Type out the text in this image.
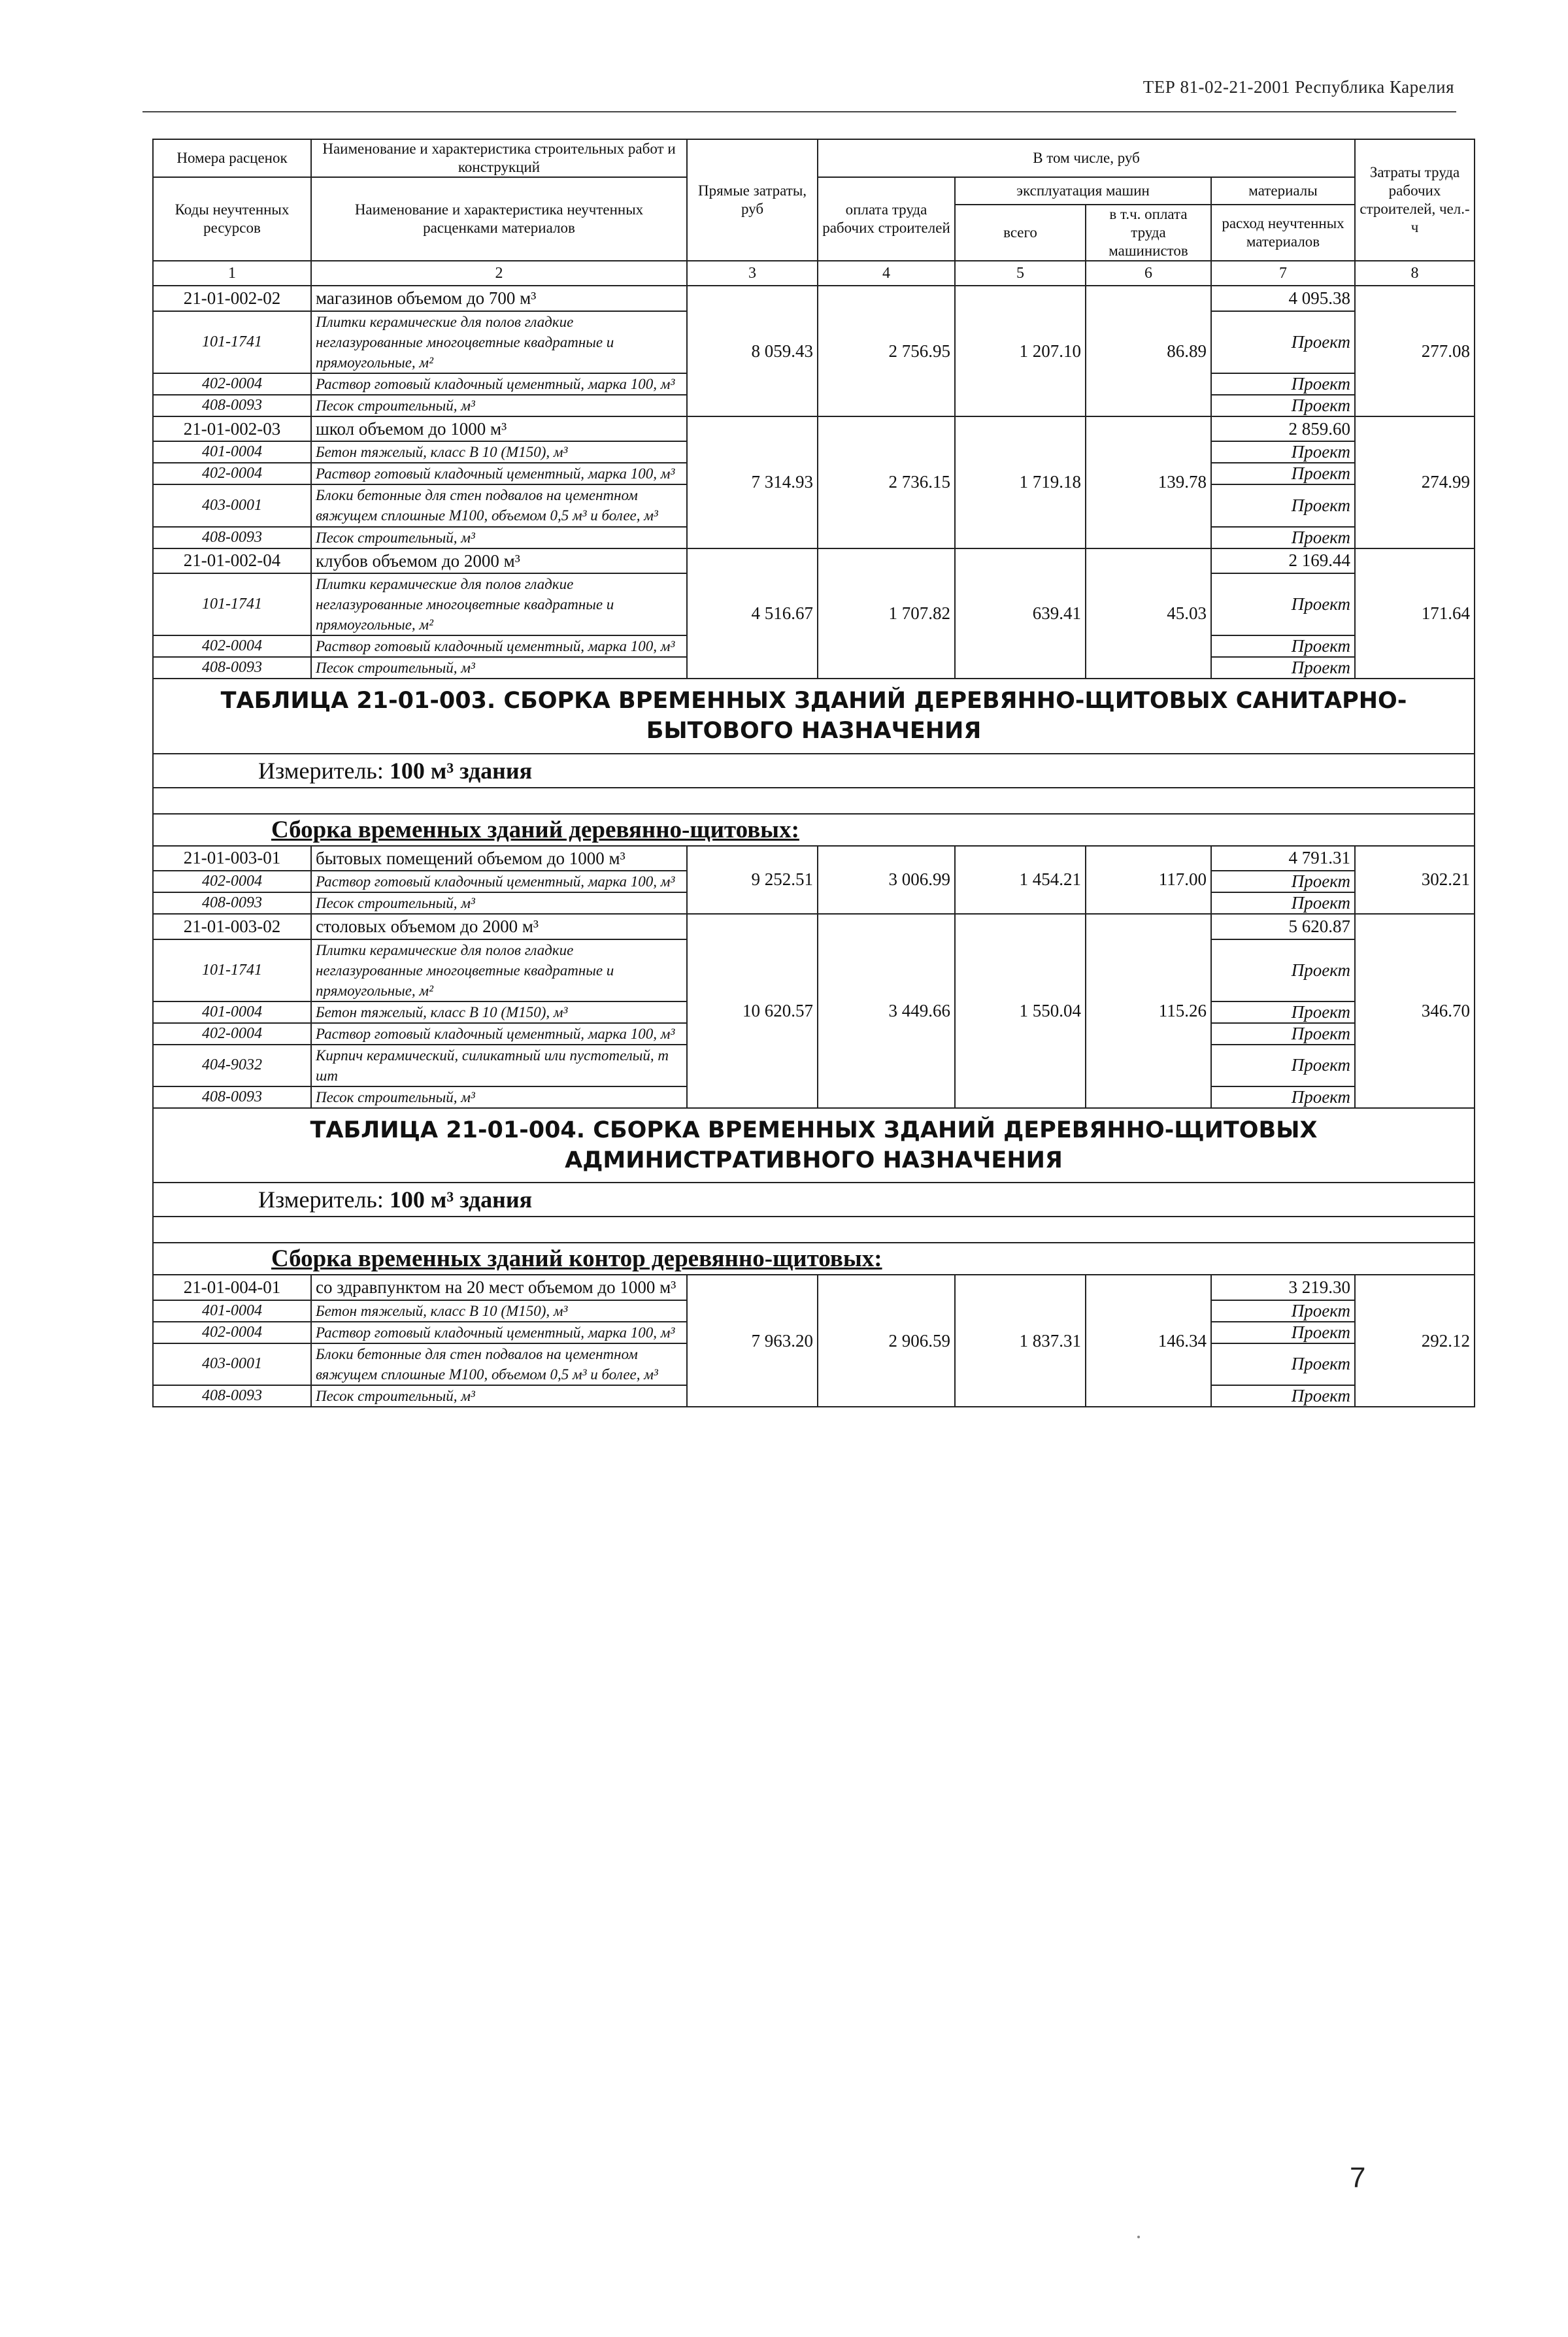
ТЕР 81-02-21-2001 Республика Карелия
Номера расценок	Наименование и характеристика строительных работ и конструкций	Прямые затраты, руб	В том числе, руб				Затраты труда рабочих строителей, чел.-ч
Коды неучтенных ресурсов	Наименование и характеристика неучтенных расценками материалов		оплата труда рабочих строителей	эксплуатация машин		материалы	
				всего	в т.ч. оплата труда машинистов	расход неучтенных материалов	
1	2	3	4	5	6	7	8
21-01-002-02	магазинов объемом до 700 м³	8 059.43	2 756.95	1 207.10	86.89	4 095.38	277.08
101-1741	Плитки керамические для полов гладкие неглазурованные многоцветные квадратные и прямоугольные, м²					Проект	
402-0004	Раствор готовый кладочный цементный, марка 100, м³					Проект	
408-0093	Песок строительный, м³					Проект	
21-01-002-03	школ объемом до 1000 м³	7 314.93	2 736.15	1 719.18	139.78	2 859.60	274.99
401-0004	Бетон тяжелый, класс В 10 (М150), м³					Проект	
402-0004	Раствор готовый кладочный цементный, марка 100, м³					Проект	
403-0001	Блоки бетонные для стен подвалов на цементном вяжущем сплошные М100, объемом 0,5 м³ и более, м³					Проект	
408-0093	Песок строительный, м³					Проект	
21-01-002-04	клубов объемом до 2000 м³	4 516.67	1 707.82	639.41	45.03	2 169.44	171.64
101-1741	Плитки керамические для полов гладкие неглазурованные многоцветные квадратные и прямоугольные, м²					Проект	
402-0004	Раствор готовый кладочный цементный, марка 100, м³					Проект	
408-0093	Песок строительный, м³					Проект	
ТАБЛИЦА 21-01-003. СБОРКА ВРЕМЕННЫХ ЗДАНИЙ ДЕРЕВЯННО-ЩИТОВЫХ САНИТАРНО-БЫТОВОГО НАЗНАЧЕНИЯ							
Измеритель: 100 м³ здания							

Сборка временных зданий деревянно-щитовых:							
21-01-003-01	бытовых помещений объемом до 1000 м³	9 252.51	3 006.99	1 454.21	117.00	4 791.31	302.21
402-0004	Раствор готовый кладочный цементный, марка 100, м³					Проект	
408-0093	Песок строительный, м³					Проект	
21-01-003-02	столовых объемом до 2000 м³	10 620.57	3 449.66	1 550.04	115.26	5 620.87	346.70
101-1741	Плитки керамические для полов гладкие неглазурованные многоцветные квадратные и прямоугольные, м²					Проект	
401-0004	Бетон тяжелый, класс В 10 (М150), м³					Проект	
402-0004	Раствор готовый кладочный цементный, марка 100, м³					Проект	
404-9032	Кирпич керамический, силикатный или пустотелый, т шт					Проект	
408-0093	Песок строительный, м³					Проект	
ТАБЛИЦА 21-01-004. СБОРКА ВРЕМЕННЫХ ЗДАНИЙ ДЕРЕВЯННО-ЩИТОВЫХ АДМИНИСТРАТИВНОГО НАЗНАЧЕНИЯ							
Измеритель: 100 м³ здания							

Сборка временных зданий контор деревянно-щитовых:							
21-01-004-01	со здравпунктом на 20 мест объемом до 1000 м³	7 963.20	2 906.59	1 837.31	146.34	3 219.30	292.12
401-0004	Бетон тяжелый, класс В 10 (М150), м³					Проект	
402-0004	Раствор готовый кладочный цементный, марка 100, м³					Проект	
403-0001	Блоки бетонные для стен подвалов на цементном вяжущем сплошные М100, объемом 0,5 м³ и более, м³					Проект	
408-0093	Песок строительный, м³					Проект	
7
